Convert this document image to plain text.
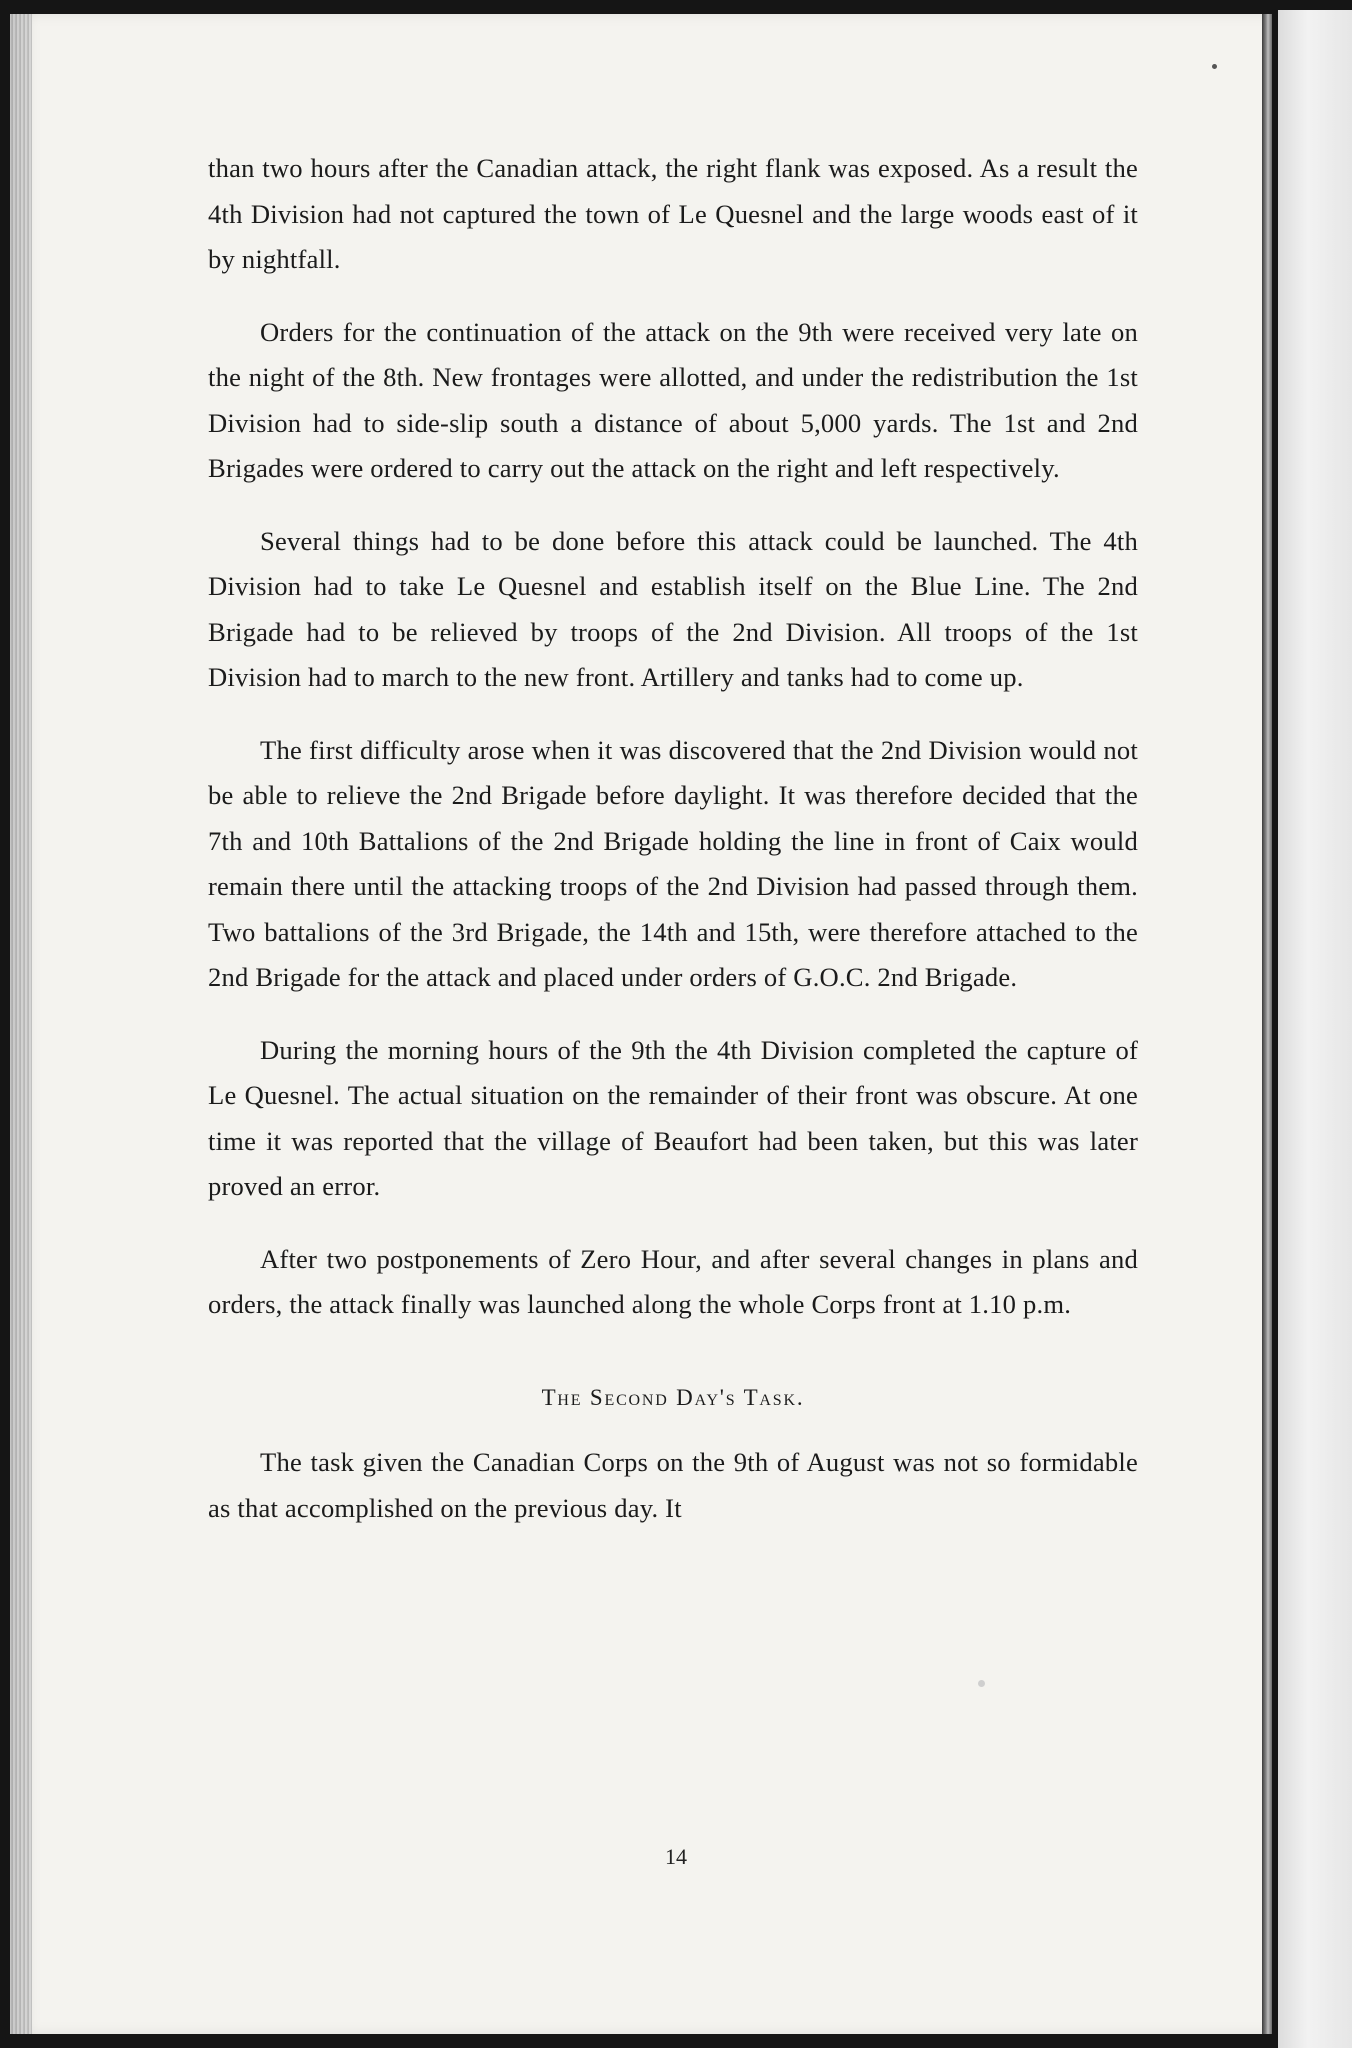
than two hours after the Canadian attack, the right flank was exposed. As a result the 4th Division had not captured the town of Le Quesnel and the large woods east of it by nightfall.

Orders for the continuation of the attack on the 9th were received very late on the night of the 8th. New frontages were allotted, and under the redistribution the 1st Division had to side-slip south a distance of about 5,000 yards. The 1st and 2nd Brigades were ordered to carry out the attack on the right and left respectively.

Several things had to be done before this attack could be launched. The 4th Division had to take Le Quesnel and establish itself on the Blue Line. The 2nd Brigade had to be relieved by troops of the 2nd Division. All troops of the 1st Division had to march to the new front. Artillery and tanks had to come up.

The first difficulty arose when it was discovered that the 2nd Division would not be able to relieve the 2nd Brigade before daylight. It was therefore decided that the 7th and 10th Battalions of the 2nd Brigade holding the line in front of Caix would remain there until the attacking troops of the 2nd Division had passed through them. Two battalions of the 3rd Brigade, the 14th and 15th, were therefore attached to the 2nd Brigade for the attack and placed under orders of G.O.C. 2nd Brigade.

During the morning hours of the 9th the 4th Division completed the capture of Le Quesnel. The actual situation on the remainder of their front was obscure. At one time it was reported that the village of Beaufort had been taken, but this was later proved an error.

After two postponements of Zero Hour, and after several changes in plans and orders, the attack finally was launched along the whole Corps front at 1.10 p.m.

The Second Day's Task.

The task given the Canadian Corps on the 9th of August was not so formidable as that accomplished on the previous day. It

14
